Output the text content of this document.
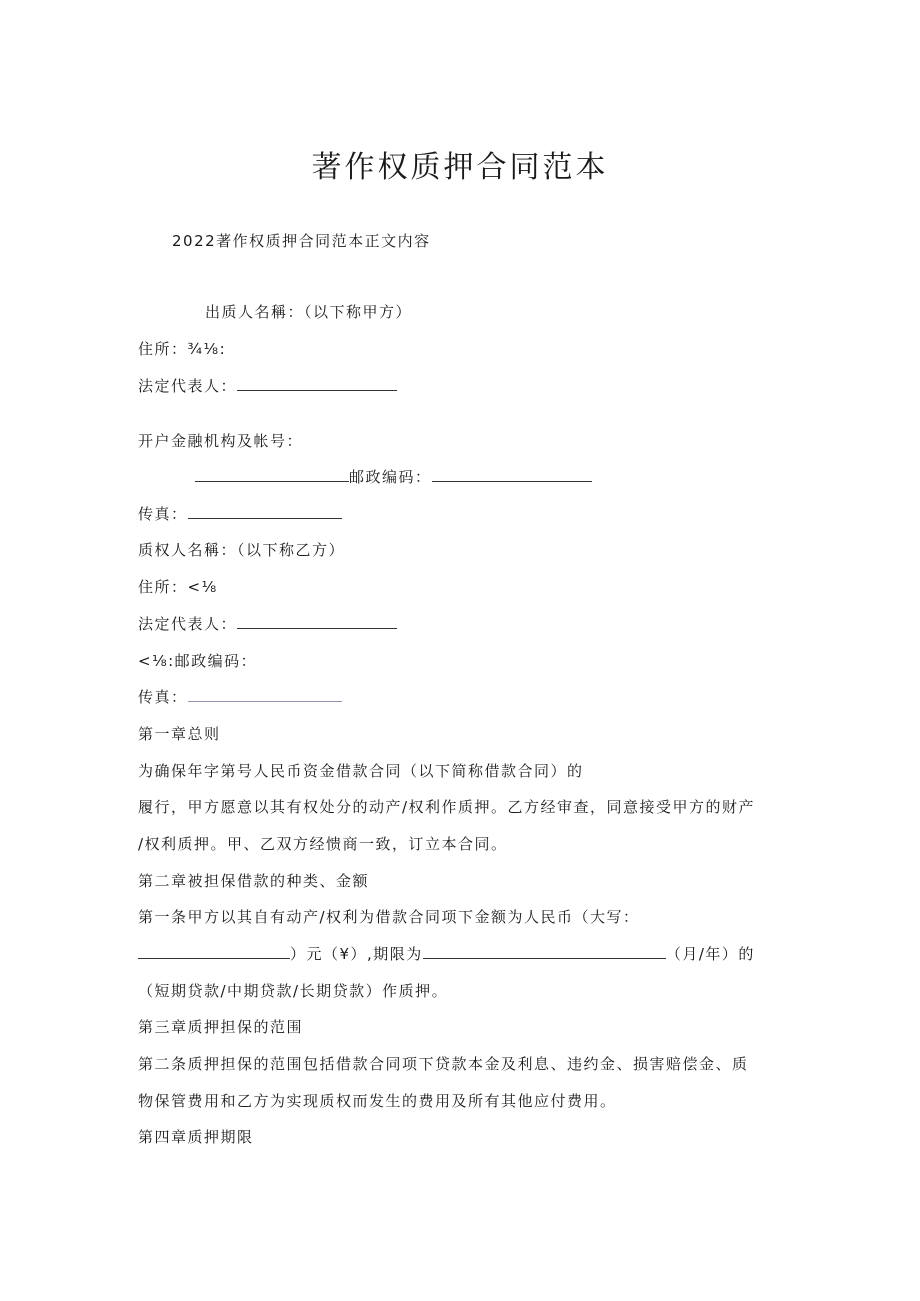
著作权质押合同范本
2022著作权质押合同范本正文内容
出质人名稱：（以下称甲方）
住所：¾⅛:
法定代表人：
开户金融机构及帐号：
邮政编码：
传真：
质权人名稱：（以下称乙方）
住所：<⅛
法定代表人：
<⅛:邮政编码：
传真：
第一章总则
为确保年字第号人民币资金借款合同（以下简称借款合同）的
履行，甲方愿意以其有权处分的动产/权利作质押。乙方经审查，同意接受甲方的财产
/权利质押。甲、乙双方经愦商一致，订立本合同。
第二章被担保借款的种类、金额
第一条甲方以其自有动产/权利为借款合同项下金额为人民币（大写：
）元（¥）,期限为	（月/年）的
（短期贷款/中期贷款/长期贷款）作质押。
第三章质押担保的范围
第二条质押担保的范围包括借款合同项下贷款本金及利息、违约金、损害赔偿金、质
物保管费用和乙方为实现质权而发生的费用及所有其他应付费用。
第四章质押期限
